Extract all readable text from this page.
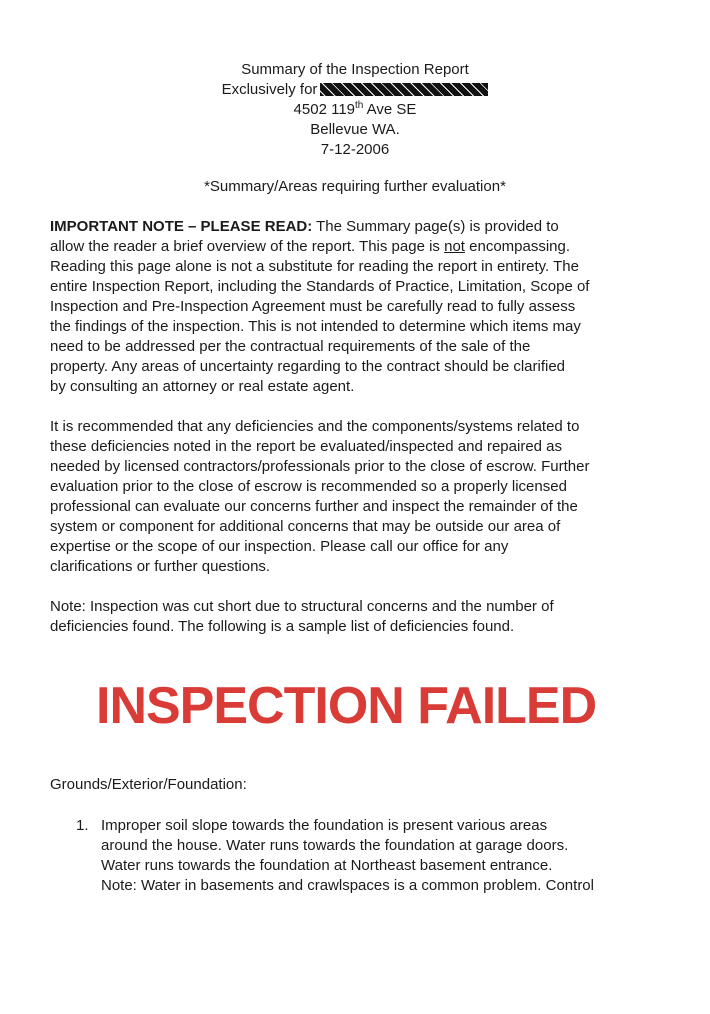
Summary of the Inspection Report
Exclusively for
4502 119th Ave SE
Bellevue WA.
7-12-2006
*Summary/Areas requiring further evaluation*
IMPORTANT NOTE – PLEASE READ: The Summary page(s) is provided to
allow the reader a brief overview of the report. This page is not encompassing.
Reading this page alone is not a substitute for reading the report in entirety. The
entire Inspection Report, including the Standards of Practice, Limitation, Scope of
Inspection and Pre-Inspection Agreement must be carefully read to fully assess
the findings of the inspection. This is not intended to determine which items may
need to be addressed per the contractual requirements of the sale of the
property. Any areas of uncertainty regarding to the contract should be clarified
by consulting an attorney or real estate agent.
It is recommended that any deficiencies and the components/systems related to
these deficiencies noted in the report be evaluated/inspected and repaired as
needed by licensed contractors/professionals prior to the close of escrow. Further
evaluation prior to the close of escrow is recommended so a properly licensed
professional can evaluate our concerns further and inspect the remainder of the
system or component for additional concerns that may be outside our area of
expertise or the scope of our inspection. Please call our office for any
clarifications or further questions.
Note: Inspection was cut short due to structural concerns and the number of
deficiencies found. The following is a sample list of deficiencies found.
INSPECTION FAILED
Grounds/Exterior/Foundation:
1. Improper soil slope towards the foundation is present various areas
around the house. Water runs towards the foundation at garage doors.
Water runs towards the foundation at Northeast basement entrance.
Note: Water in basements and crawlspaces is a common problem. Control
